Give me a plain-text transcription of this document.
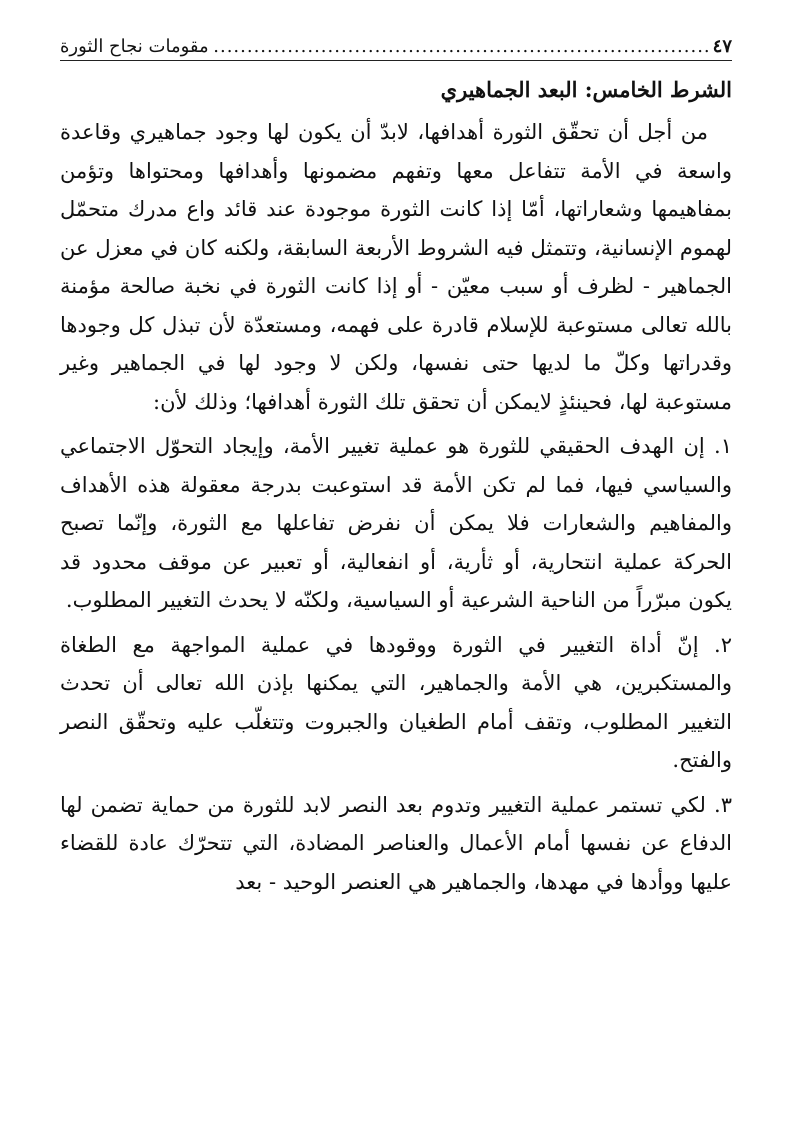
٤٧
.....
مقومات نجاح الثورة
الشرط الخامس: البعد الجماهيري

من أجل أن تحقّق الثورة أهدافها، لابدّ أن يكون لها وجود جماهيري وقاعدة واسعة في الأمة تتفاعل معها وتفهم مضمونها وأهدافها ومحتواها وتؤمن بمفاهيمها وشعاراتها، أمّا إذا كانت الثورة موجودة عند قائد واع مدرك متحمّل لهموم الإنسانية، وتتمثل فيه الشروط الأربعة السابقة، ولكنه كان في معزل عن الجماهير - لظرف أو سبب معيّن - أو إذا كانت الثورة في نخبة صالحة مؤمنة بالله تعالى مستوعبة للإسلام قادرة على فهمه، ومستعدّة لأن تبذل كل وجودها وقدراتها وكلّ ما لديها حتى نفسها، ولكن لا وجود لها في الجماهير وغير مستوعبة لها، فحينئذٍ لايمكن أن تحقق تلك الثورة أهدافها؛ وذلك لأن:

١. إن الهدف الحقيقي للثورة هو عملية تغيير الأمة، وإيجاد التحوّل الاجتماعي والسياسي فيها، فما لم تكن الأمة قد استوعبت بدرجة معقولة هذه الأهداف والمفاهيم والشعارات فلا يمكن أن نفرض تفاعلها مع الثورة، وإنّما تصبح الحركة عملية انتحارية، أو ثأرية، أو انفعالية، أو تعبير عن موقف محدود قد يكون مبرّراً من الناحية الشرعية أو السياسية، ولكنّه لا يحدث التغيير المطلوب.

٢. إنّ أداة التغيير في الثورة ووقودها في عملية المواجهة مع الطغاة والمستكبرين، هي الأمة والجماهير، التي يمكنها بإذن الله تعالى أن تحدث التغيير المطلوب، وتقف أمام الطغيان والجبروت وتتغلّب عليه وتحقّق النصر والفتح.

٣. لكي تستمر عملية التغيير وتدوم بعد النصر لابد للثورة من حماية تضمن لها الدفاع عن نفسها أمام الأعمال والعناصر المضادة، التي تتحرّك عادة للقضاء عليها ووأدها في مهدها، والجماهير هي العنصر الوحيد - بعد
